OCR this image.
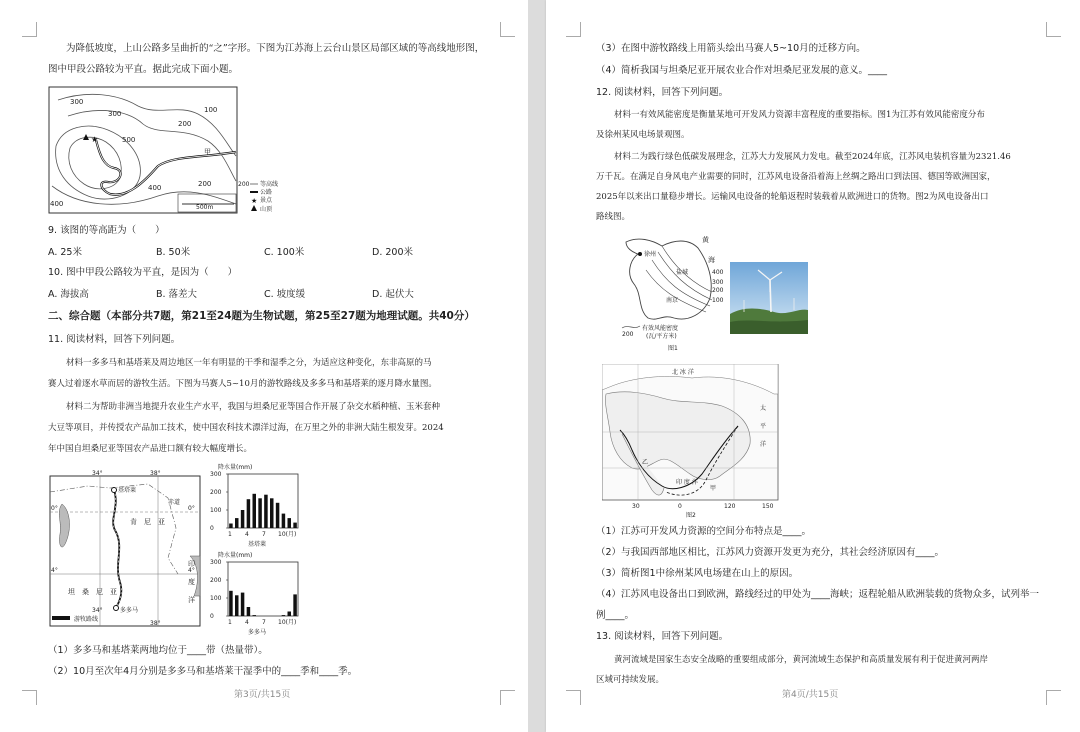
为降低坡度，上山公路多呈曲折的“之”字形。下图为江苏海上云台山景区局部区域的等高线地形图，
图中甲段公路较为平直。据此完成下面小题。
300
100
200
300
500
400
400
200
甲
★
500m
200 等高线
公路
★ 景点
山顶
9. 该图的等高距为（　　）
A. 25米	B. 50米	C. 100米	D. 200米
10. 图中甲段公路较为平直，是因为（　　）
A. 海拔高	B. 落差大	C. 坡度缓	D. 起伏大
二、综合题（本部分共7题，第21至24题为生物试题，第25至27题为地理试题。共40分）
11. 阅读材料，回答下列问题。
材料一多多马和基塔莱及周边地区一年有明显的干季和湿季之分，为适应这种变化，东非高原的马
赛人过着逐水草而居的游牧生活。下图为马赛人5~10月的游牧路线及多多马和基塔莱的逐月降水量图。
材料二为帮助非洲当地提升农业生产水平，我国与坦桑尼亚等国合作开展了杂交水稻种植、玉米套种
大豆等项目，并传授农产品加工技术，使中国农科技术漂洋过海，在万里之外的非洲大陆生根发芽。2024
年中国自坦桑尼亚等国农产品进口额有较大幅度增长。
34°	38°
34°
38°
0°	0°
4°	4°
基塔莱
赤道
肯　尼　亚
坦　桑　尼　亚
多多马
印
度
洋
游牧路线
降水量(mm)
300
200
100
0
1 4 7 10(月)
基塔莱
降水量(mm)
300
200
100
0
1 4 7 10(月)
多多马
（1）多多马和基塔莱两地均位于____带（热量带）。
（2）10月至次年4月分别是多多马和基塔莱干湿季中的____季和____季。
第3页/共15页
（3）在图中游牧路线上用箭头绘出马赛人5~10月的迁移方向。
（4）简析我国与坦桑尼亚开展农业合作对坦桑尼亚发展的意义。____
12. 阅读材料，回答下列问题。
材料一有效风能密度是衡量某地可开发风力资源丰富程度的重要指标。图1为江苏有效风能密度分布
及徐州某风电场景观图。
材料二为践行绿色低碳发展理念，江苏大力发展风力发电。截至2024年底，江苏风电装机容量为2321.46
万千瓦。在满足自身风电产业需要的同时，江苏风电设备沿着海上丝绸之路出口到法国、德国等欧洲国家，
2025年以来出口量稳步增长。运输风电设备的轮船返程时装载着从欧洲进口的货物。图2为风电设备出口
路线图。
徐州
黄
海
盐城
南京
400
300
200
100
200
有效风能密度
(瓦/平方米)
图1
北 冰 洋
太
平
洋
印 度 洋
甲
乙
30	0	120	150
图2
（1）江苏可开发风力资源的空间分布特点是____。
（2）与我国西部地区相比，江苏风力资源开发更为充分，其社会经济原因有____。
（3）简析图1中徐州某风电场建在山上的原因。
（4）江苏风电设备出口到欧洲，路线经过的甲处为____海峡；返程轮船从欧洲装载的货物众多，试列举一
例____。
13. 阅读材料，回答下列问题。
黄河流域是国家生态安全战略的重要组成部分，黄河流域生态保护和高质量发展有利于促进黄河两岸
区域可持续发展。
第4页/共15页
